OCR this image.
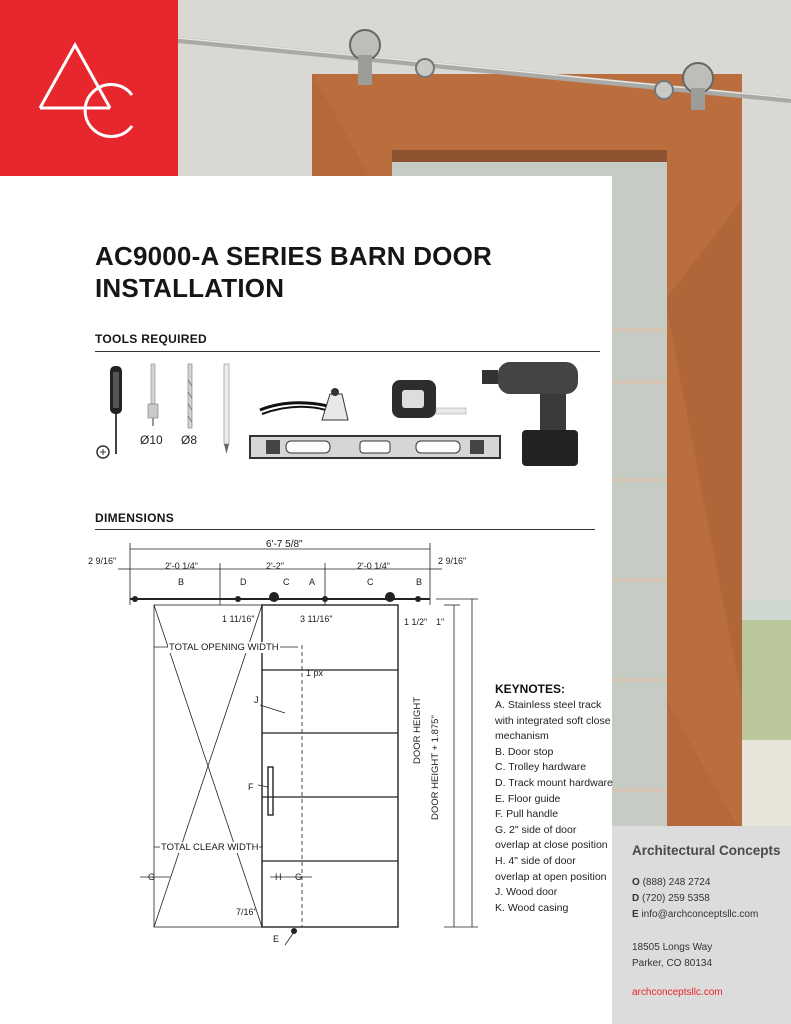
AC9000-A SERIES BARN DOOR INSTALLATION
TOOLS REQUIRED
Ø10 Ø8
DIMENSIONS
6'-7 5/8"
2 9/16"	2 9/16"
2'-0 1/4"	2'-2"	2'-0 1/4"
B	D	C A	C	B
1 11/16"	3 11/16"	1 1/2" 1"
TOTAL OPENING WIDTH
1 px
J
F
TOTAL CLEAR WIDTH
G	H G
7/16"
E
DOOR HEIGHT DOOR HEIGHT + 1.875"
KEYNOTES:
A. Stainless steel track with integrated soft close mechanism
B. Door stop
C. Trolley hardware
D. Track mount hardware
E. Floor guide
F. Pull handle
G. 2" side of door overlap at close position
H. 4" side of door overlap at open position
J. Wood door
K. Wood casing
Architectural Concepts
O (888) 248 2724
D (720) 259 5358
E info@archconceptsllc.com
18505 Longs Way
Parker, CO 80134
archconceptsllc.com
